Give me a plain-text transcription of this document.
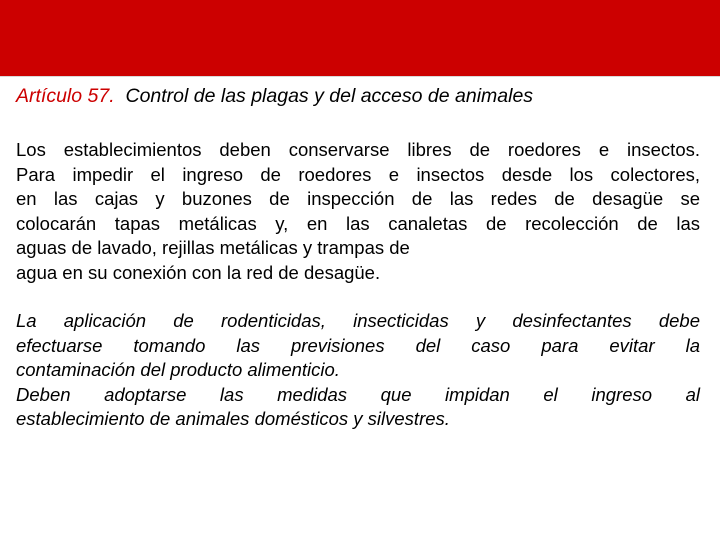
Artículo 57. Control de las plagas y del acceso de animales

Los establecimientos deben conservarse libres de roedores e insectos.
Para impedir el ingreso de roedores e insectos desde los colectores,
en las cajas y buzones de inspección de las redes de desagüe se
colocarán tapas metálicas y, en las canaletas de recolección de las
aguas de lavado, rejillas metálicas y trampas de
agua en su conexión con la red de desagüe.

La aplicación de rodenticidas, insecticidas y desinfectantes debe
efectuarse tomando las previsiones del caso para evitar la
contaminación del producto alimenticio.
Deben adoptarse las medidas que impidan el ingreso al
establecimiento de animales domésticos y silvestres.
